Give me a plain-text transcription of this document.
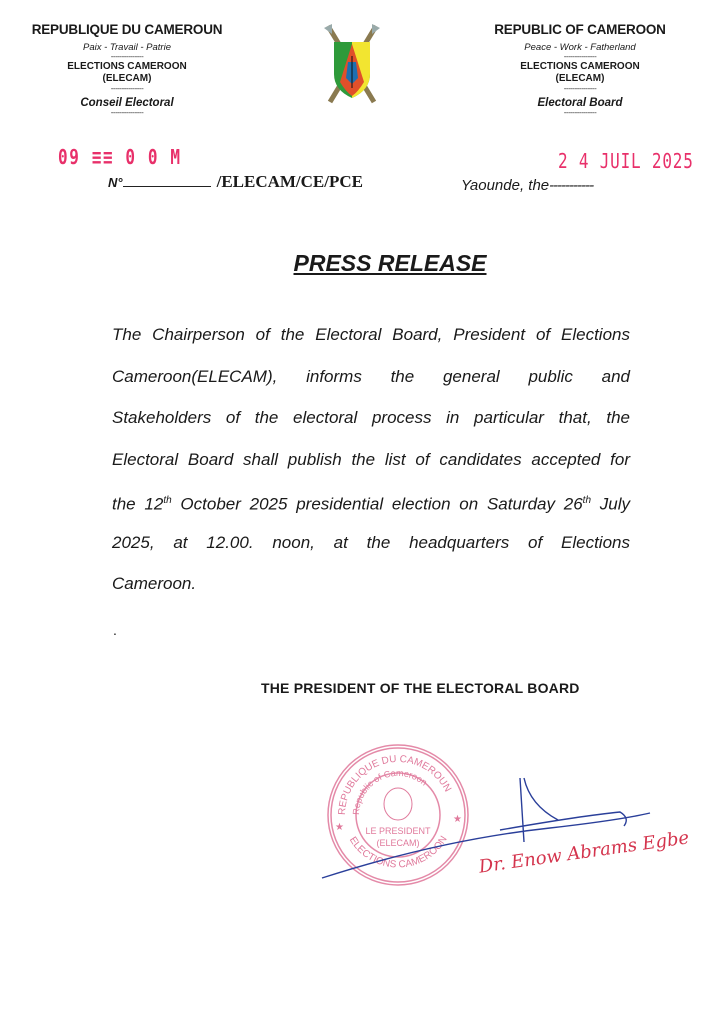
REPUBLIQUE DU CAMEROUN
Paix - Travail - Patrie
---------------
ELECTIONS CAMEROON
(ELECAM)
---------------
Conseil Electoral
---------------
REPUBLIC OF CAMEROON
Peace - Work - Fatherland
---------------
ELECTIONS CAMEROON
(ELECAM)
---------------
Electoral Board
---------------
09 ≡≡ 0 0 M
N°	/ELECAM/CE/PCE	Yaounde, the-----------
2 4 JUIL 2025
PRESS RELEASE
The Chairperson of the Electoral Board, President of Elections
Cameroon(ELECAM), informs the general public and
Stakeholders of the electoral process in particular that, the
Electoral Board shall publish the list of candidates accepted for
the 12th October 2025 presidential election on Saturday 26th July
2025, at 12.00. noon, at the headquarters of Elections
Cameroon.
.
THE PRESIDENT OF THE ELECTORAL BOARD
REPUBLIQUE DU CAMEROUN
Republic of Cameroon
LE PRESIDENT
(ELECAM)
ELECTIONS CAMEROON
★
★
Dr. Enow Abrams Egbe
